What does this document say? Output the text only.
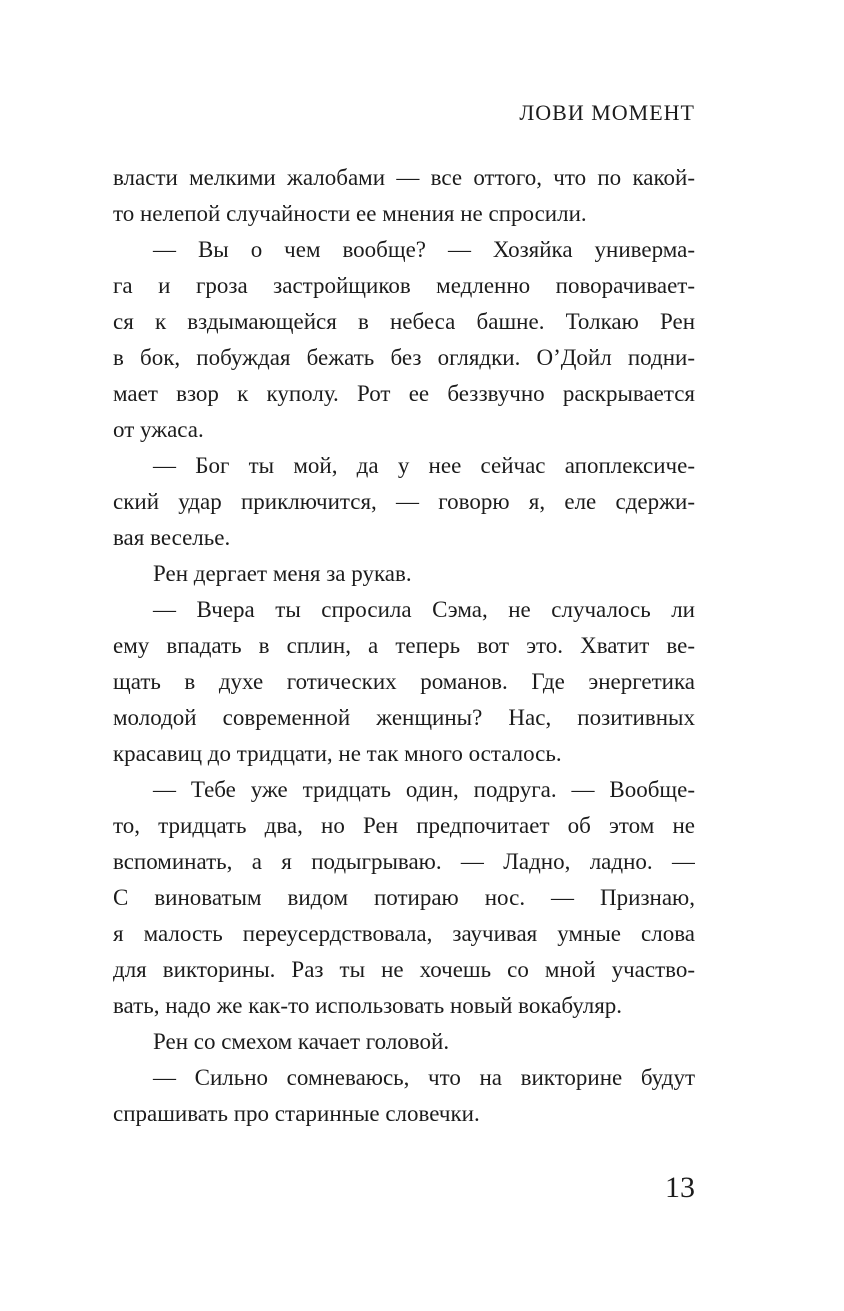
ЛОВИ МОМЕНТ
власти мелкими жалобами — все оттого, что по какой-
то нелепой случайности ее мнения не спросили.
— Вы о чем вообще? — Хозяйка универма-
га и гроза застройщиков медленно поворачивает-
ся к вздымающейся в небеса башне. Толкаю Рен
в бок, побуждая бежать без оглядки. О’Дойл подни-
мает взор к куполу. Рот ее беззвучно раскрывается
от ужаса.
— Бог ты мой, да у нее сейчас апоплексиче-
ский удар приключится, — говорю я, еле сдержи-
вая веселье.
Рен дергает меня за рукав.
— Вчера ты спросила Сэма, не случалось ли
ему впадать в сплин, а теперь вот это. Хватит ве-
щать в духе готических романов. Где энергетика
молодой современной женщины? Нас, позитивных
красавиц до тридцати, не так много осталось.
— Тебе уже тридцать один, подруга. — Вообще-
то, тридцать два, но Рен предпочитает об этом не
вспоминать, а я подыгрываю. — Ладно, ладно. —
С виноватым видом потираю нос. — Признаю,
я малость переусердствовала, заучивая умные слова
для викторины. Раз ты не хочешь со мной участво-
вать, надо же как-то использовать новый вокабуляр.
Рен со смехом качает головой.
— Сильно сомневаюсь, что на викторине будут
спрашивать про старинные словечки.
13
